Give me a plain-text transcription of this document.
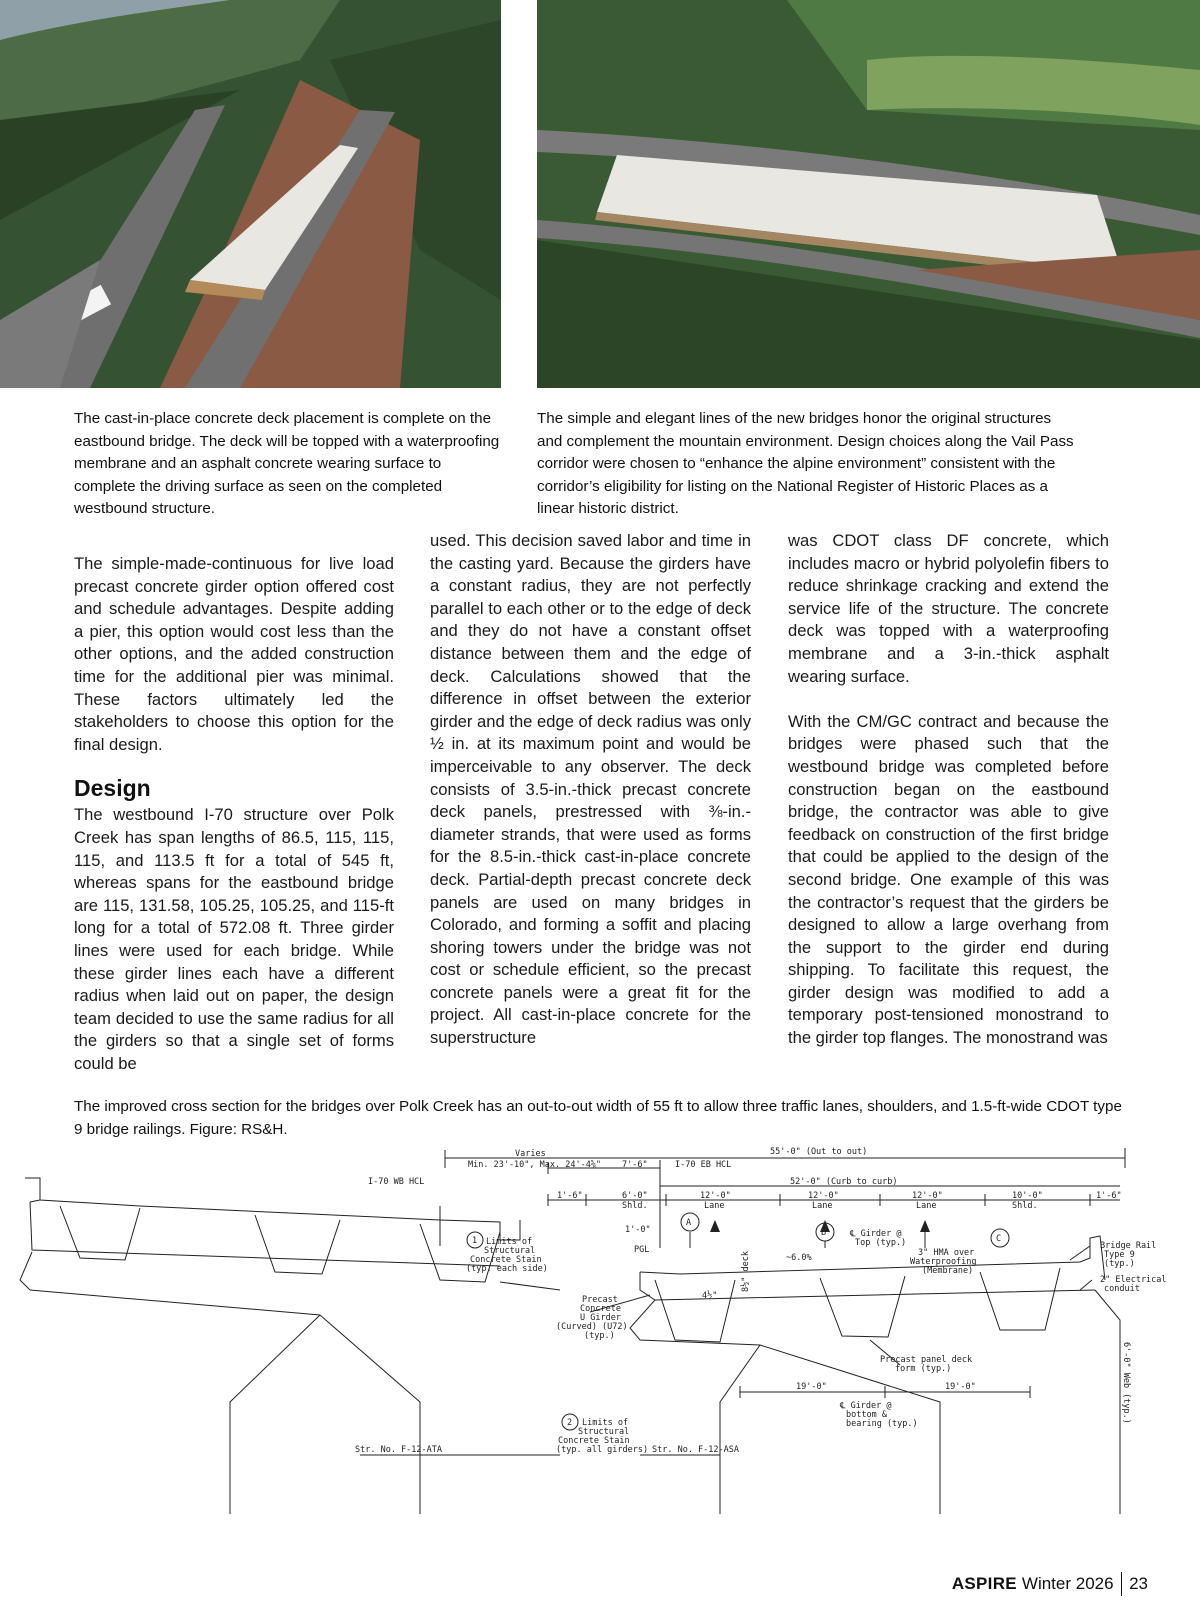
The cast-in-place concrete deck placement is complete on the eastbound bridge. The deck will be topped with a waterproofing membrane and an asphalt concrete wearing surface to complete the driving surface as seen on the completed westbound structure.
The simple and elegant lines of the new bridges honor the original structures and complement the mountain environment. Design choices along the Vail Pass corridor were chosen to “enhance the alpine environment” consistent with the corridor’s eligibility for listing on the National Register of Historic Places as a linear historic district.

The simple-made-continuous for live load precast concrete girder option offered cost and schedule advantages. Despite adding a pier, this option would cost less than the other options, and the added construction time for the additional pier was minimal. These factors ultimately led the stakeholders to choose this option for the final design.

Design

The westbound I-70 structure over Polk Creek has span lengths of 86.5, 115, 115, 115, and 113.5 ft for a total of 545 ft, whereas spans for the eastbound bridge are 115, 131.58, 105.25, 105.25, and 115-ft long for a total of 572.08 ft. Three girder lines were used for each bridge. While these girder lines each have a different radius when laid out on paper, the design team decided to use the same radius for all the girders so that a single set of forms could be

used. This decision saved labor and time in the casting yard. Because the girders have a constant radius, they are not perfectly parallel to each other or to the edge of deck and they do not have a constant offset distance between them and the edge of deck. Calculations showed that the difference in offset between the exterior girder and the edge of deck radius was only ½ in. at its maximum point and would be imperceivable to any observer. The deck consists of 3.5-in.-thick precast concrete deck panels, prestressed with ⅜-in.-diameter strands, that were used as forms for the 8.5-in.-thick cast-in-place concrete deck. Partial-depth precast concrete deck panels are used on many bridges in Colorado, and forming a soffit and placing shoring towers under the bridge was not cost or schedule efficient, so the precast concrete panels were a great fit for the project. All cast-in-place concrete for the superstructure

was CDOT class DF concrete, which includes macro or hybrid polyolefin fibers to reduce shrinkage cracking and extend the service life of the structure. The concrete deck was topped with a waterproofing membrane and a 3-in.-thick asphalt wearing surface.

With the CM/GC contract and because the bridges were phased such that the westbound bridge was completed before construction began on the eastbound bridge, the contractor was able to give feedback on construction of the first bridge that could be applied to the design of the second bridge. One example of this was the contractor’s request that the girders be designed to allow a large overhang from the support to the girder end during shipping. To facilitate this request, the girder design was modified to add a temporary post-tensioned monostrand to the girder top flanges. The monostrand was

The improved cross section for the bridges over Polk Creek has an out-to-out width of 55 ft to allow three traffic lanes, shoulders, and 1.5-ft-wide CDOT type 9 bridge railings. Figure: RS&H.
55'-0" (Out to out)
Varies
Min. 23'-10", Max. 24'-4⅝" 7'-6"	I-70 EB HCL
I-70 WB HCL	52'-0" (Curb to curb)
1'-6"	6'-0"
Shld.
12'-0"
Lane
12'-0"
Lane
12'-0"
Lane
10'-0"
Shld.
1'-6"
1'-0"
PGL
~6.0%
℄ Girder @
Top (typ.)
3" HMA over
Waterproofing
(Membrane)
Bridge Rail
Type 9
(typ.)
2" Electrical
conduit
6'-0" Web (typ.)
Limits of
Structural
Concrete Stain
(typ. each side)
Precast
Concrete
U Girder
(Curved) (U72)
(typ.)
4½"
8½" deck
Precast panel deck
form (typ.)
19'-0"	19'-0"
℄ Girder @
bottom &
bearing (typ.)
Limits of
Structural
Concrete Stain
(typ. all girders)
Str. No. F-12-ATA	Str. No. F-12-ASA
A
B
C
1
2
ASPIRE Winter 2026 23
